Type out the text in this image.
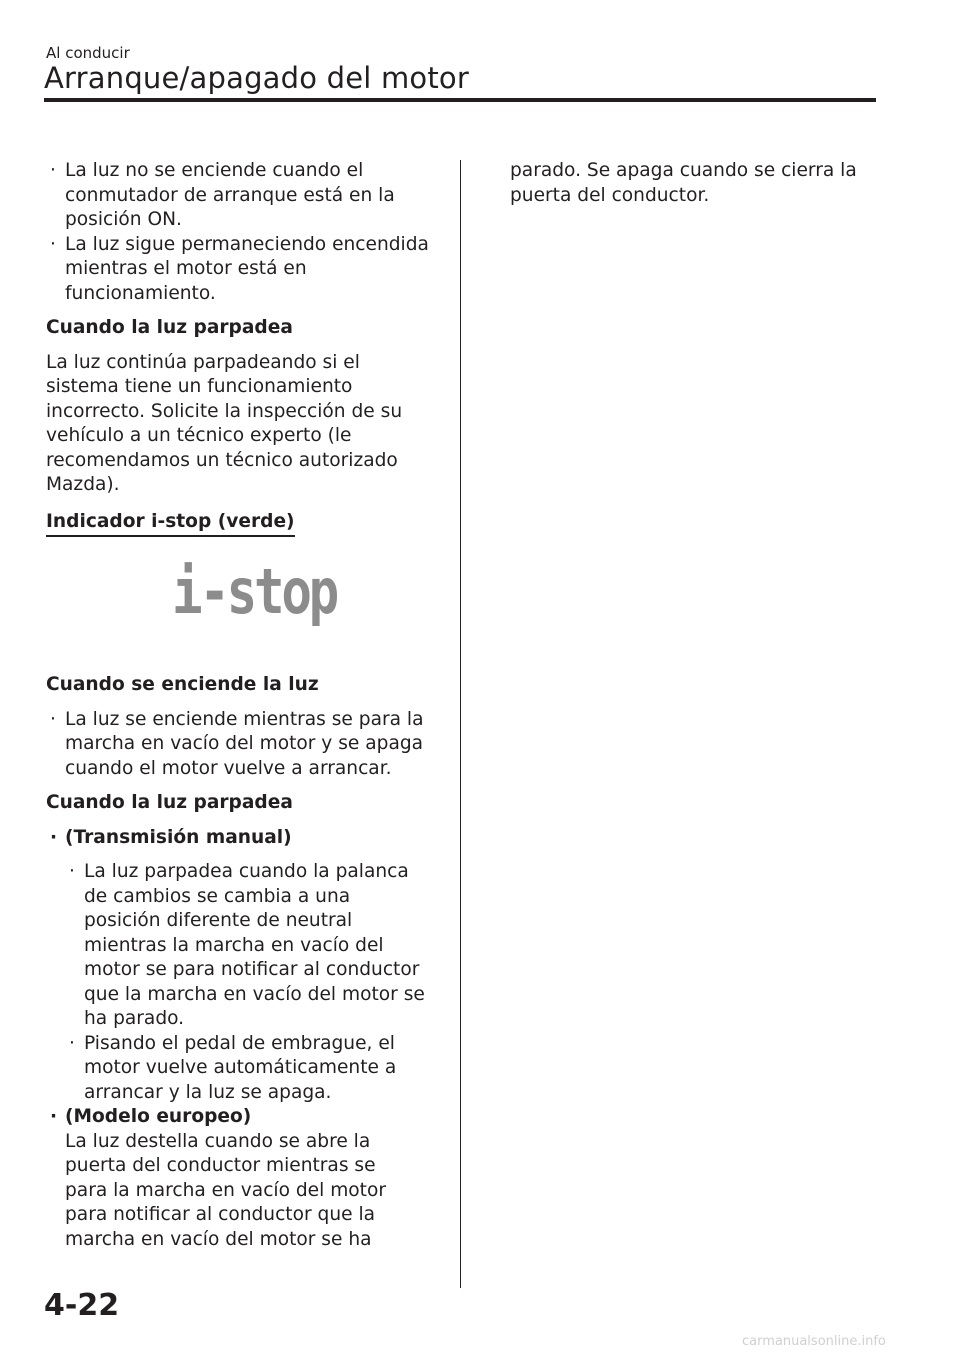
Al conducir
Arranque/apagado del motor

· La luz no se enciende cuando el conmutador de arranque está en la posición ON.

· La luz sigue permaneciendo encendida mientras el motor está en funcionamiento.

Cuando la luz parpadea

La luz continúa parpadeando si el sistema tiene un funcionamiento incorrecto. Solicite la inspección de su vehículo a un técnico experto (le recomendamos un técnico autorizado Mazda).

Indicador i-stop (verde)

i-stop

Cuando se enciende la luz

· La luz se enciende mientras se para la marcha en vacío del motor y se apaga cuando el motor vuelve a arrancar.

Cuando la luz parpadea

· (Transmisión manual)

· La luz parpadea cuando la palanca de cambios se cambia a una posición diferente de neutral mientras la marcha en vacío del motor se para notificar al conductor que la marcha en vacío del motor se ha parado.

· Pisando el pedal de embrague, el motor vuelve automáticamente a arrancar y la luz se apaga.

· (Modelo europeo)

La luz destella cuando se abre la puerta del conductor mientras se para la marcha en vacío del motor para notificar al conductor que la marcha en vacío del motor se ha

parado. Se apaga cuando se cierra la puerta del conductor.

4-22
carmanualsonline.info
